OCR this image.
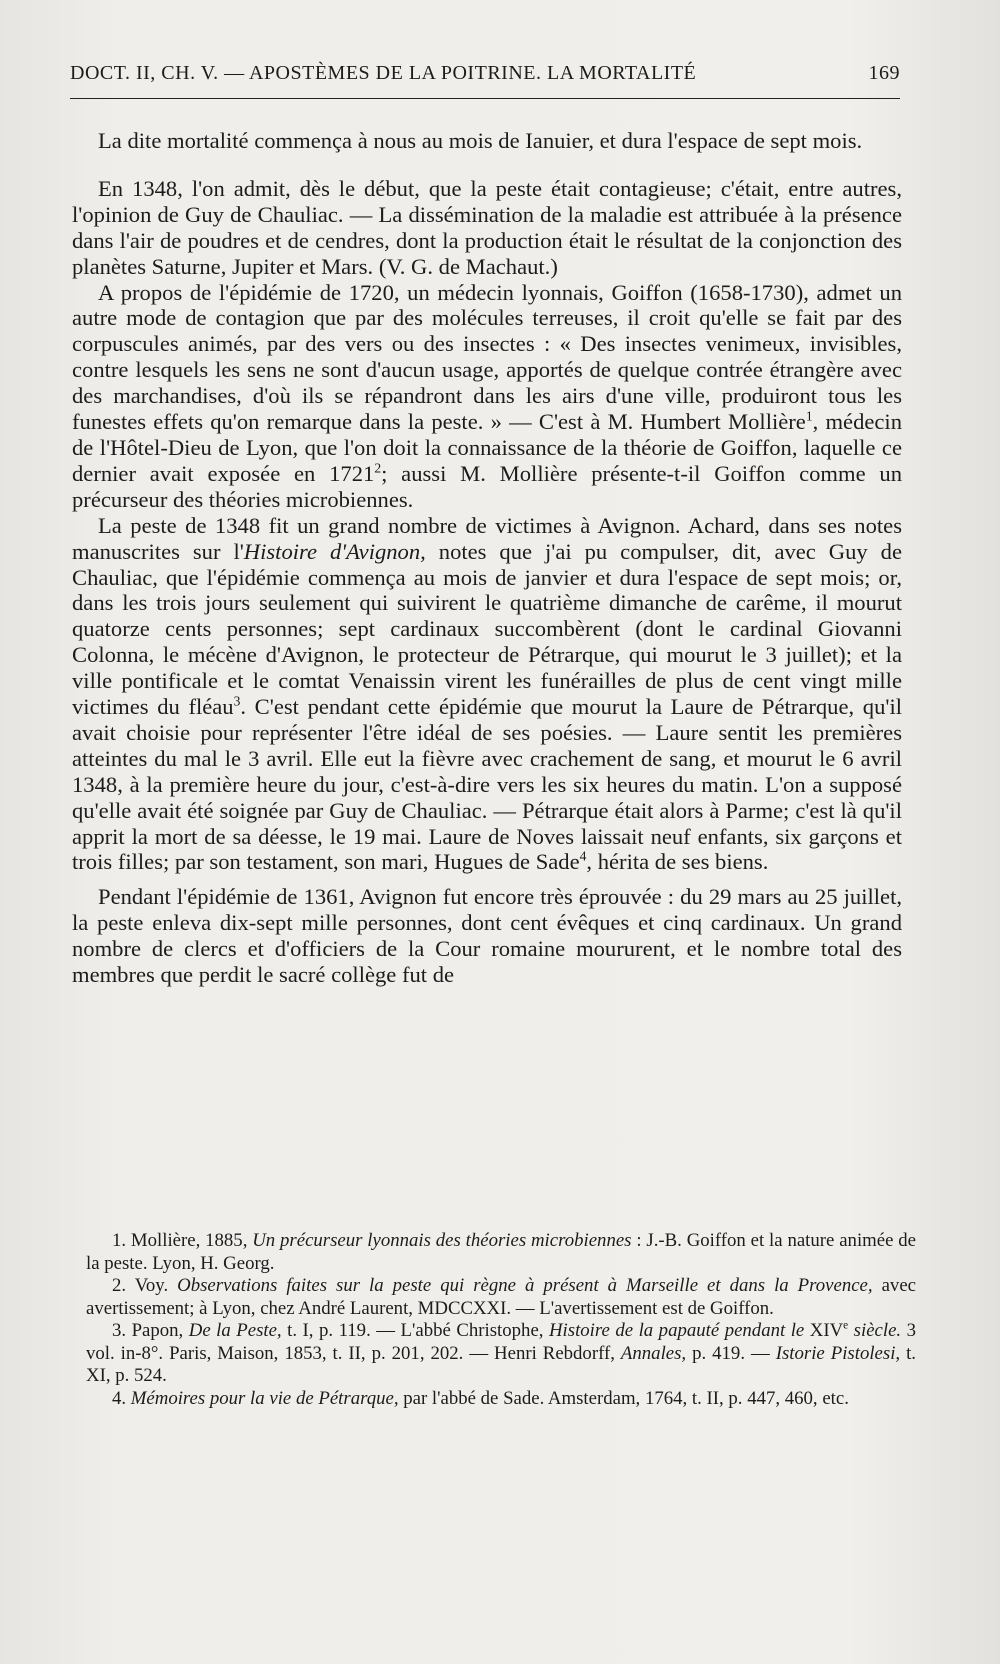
DOCT. II, CH. V. — APOSTÈMES DE LA POITRINE. LA MORTALITÉ	169

La dite mortalité commença à nous au mois de Ianuier, et dura l'espace de sept mois.

En 1348, l'on admit, dès le début, que la peste était contagieuse; c'était, entre autres, l'opinion de Guy de Chauliac. — La dissémination de la maladie est attribuée à la présence dans l'air de poudres et de cendres, dont la production était le résultat de la conjonction des planètes Saturne, Jupiter et Mars. (V. G. de Machaut.)

A propos de l'épidémie de 1720, un médecin lyonnais, Goiffon (1658-1730), admet un autre mode de contagion que par des molécules terreuses, il croit qu'elle se fait par des corpuscules animés, par des vers ou des insectes : « Des insectes venimeux, invisibles, contre lesquels les sens ne sont d'aucun usage, apportés de quelque contrée étrangère avec des marchandises, d'où ils se répandront dans les airs d'une ville, produiront tous les funestes effets qu'on remarque dans la peste. » — C'est à M. Humbert Mollière$^1$, médecin de l'Hôtel-Dieu de Lyon, que l'on doit la connaissance de la théorie de Goiffon, laquelle ce dernier avait exposée en 1721$^2$; aussi M. Mollière présente-t-il Goiffon comme un précurseur des théories microbiennes.

La peste de 1348 fit un grand nombre de victimes à Avignon. Achard, dans ses notes manuscrites sur l'Histoire d'Avignon, notes que j'ai pu compulser, dit, avec Guy de Chauliac, que l'épidémie commença au mois de janvier et dura l'espace de sept mois; or, dans les trois jours seulement qui suivirent le quatrième dimanche de carême, il mourut quatorze cents personnes; sept cardinaux succombèrent (dont le cardinal Giovanni Colonna, le mécène d'Avignon, le protecteur de Pétrarque, qui mourut le 3 juillet); et la ville pontificale et le comtat Venaissin virent les funérailles de plus de cent vingt mille victimes du fléau$^3$. C'est pendant cette épidémie que mourut la Laure de Pétrarque, qu'il avait choisie pour représenter l'être idéal de ses poésies. — Laure sentit les premières atteintes du mal le 3 avril. Elle eut la fièvre avec crachement de sang, et mourut le 6 avril 1348, à la première heure du jour, c'est-à-dire vers les six heures du matin. L'on a supposé qu'elle avait été soignée par Guy de Chauliac. — Pétrarque était alors à Parme; c'est là qu'il apprit la mort de sa déesse, le 19 mai. Laure de Noves laissait neuf enfants, six garçons et trois filles; par son testament, son mari, Hugues de Sade$^4$, hérita de ses biens.

Pendant l'épidémie de 1361, Avignon fut encore très éprouvée : du 29 mars au 25 juillet, la peste enleva dix-sept mille personnes, dont cent évêques et cinq cardinaux. Un grand nombre de clercs et d'officiers de la Cour romaine moururent, et le nombre total des membres que perdit le sacré collège fut de

1. Mollière, 1885, Un précurseur lyonnais des théories microbiennes : J.-B. Goiffon et la nature animée de la peste. Lyon, H. Georg.

2. Voy. Observations faites sur la peste qui règne à présent à Marseille et dans la Provence, avec avertissement; à Lyon, chez André Laurent, MDCCXXI. — L'avertissement est de Goiffon.

3. Papon, De la Peste, t. I, p. 119. — L'abbé Christophe, Histoire de la papauté pendant le XIVe siècle. 3 vol. in-8°. Paris, Maison, 1853, t. II, p. 201, 202. — Henri Rebdorff, Annales, p. 419. — Istorie Pistolesi, t. XI, p. 524.

4. Mémoires pour la vie de Pétrarque, par l'abbé de Sade. Amsterdam, 1764, t. II, p. 447, 460, etc.
